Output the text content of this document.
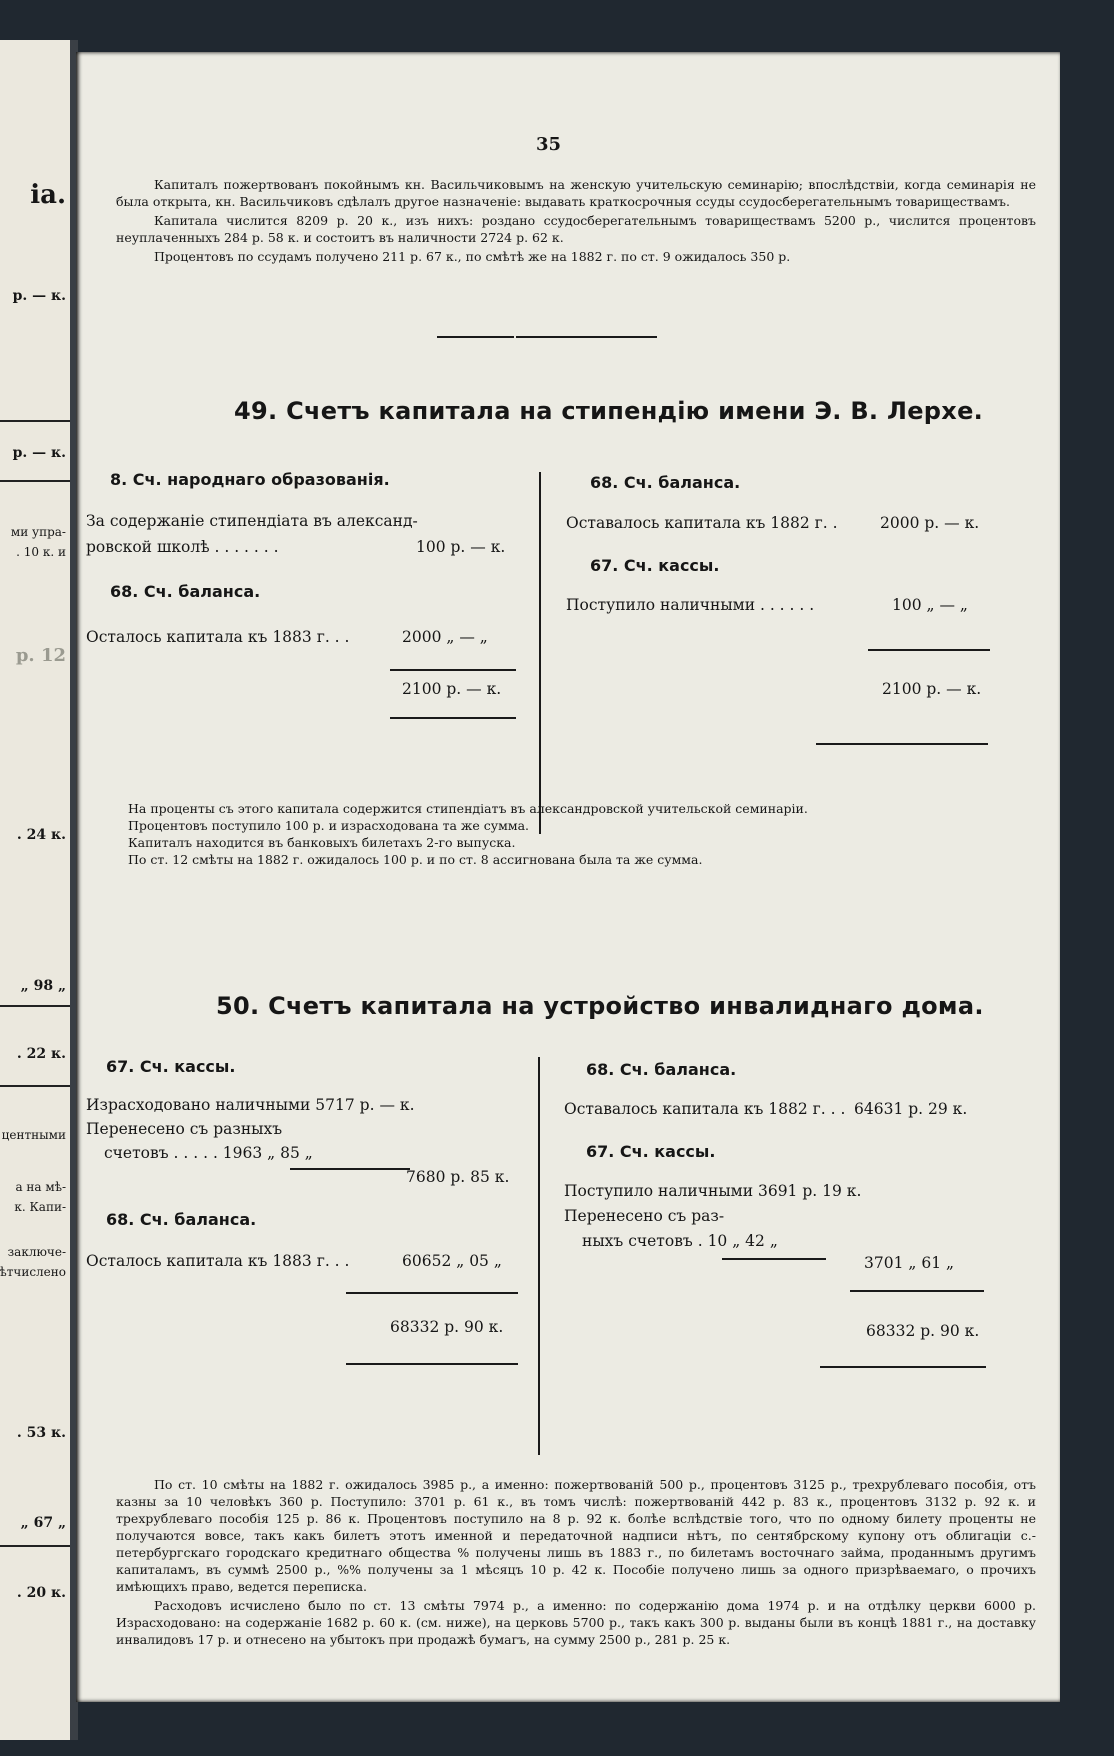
іа.
р. — к.
р. — к.
ми упра-
. 10 к. и
р. 12
. 24 к.
„ 98 „
. 22 к.
центными
а на мѣ-
к. Капи-
заключе-
ѣтчислено
. 53 к.
„ 67 „
. 20 к.
35

Капиталъ пожертвованъ покойнымъ кн. Васильчиковымъ на женскую учительскую семинарію; впослѣдствіи, когда семинарія не была открыта, кн. Васильчиковъ сдѣлалъ другое назначеніе: выдавать краткосрочныя ссуды ссудосберегательнымъ товариществамъ.

Капитала числится 8209 р. 20 к., изъ нихъ: роздано ссудосберегательнымъ товариществамъ 5200 р., числится процентовъ неуплаченныхъ 284 р. 58 к. и состоитъ въ наличности 2724 р. 62 к.

Процентовъ по ссудамъ получено 211 р. 67 к., по смѣтѣ же на 1882 г. по ст. 9 ожидалось 350 р.

49. Счетъ капитала на стипендію имени Э. В. Лерхе.
8. Сч. народнаго образованія.
За содержаніе стипендіата въ александ-
ровской школѣ . . . . . . .	100 р. — к.
68. Сч. баланса.
Осталось капитала къ 1883 г. . .	2000 „ — „
2100 р. — к.
68. Сч. баланса.
Оставалось капитала къ 1882 г. .	2000 р. — к.
67. Сч. кассы.
Поступило наличными . . . . . .	100 „ — „
2100 р. — к.
На проценты съ этого капитала содержится стипендіатъ въ александровской учительской семинаріи.
Процентовъ поступило 100 р. и израсходована та же сумма.
Капиталъ находится въ банковыхъ билетахъ 2-го выпуска.
По ст. 12 смѣты на 1882 г. ожидалось 100 р. и по ст. 8 ассигнована была та же сумма.
50. Счетъ капитала на устройство инвалиднаго дома.
67. Сч. кассы.
Израсходовано наличными 5717 р. — к.
Перенесено съ разныхъ
счетовъ . . . . . 1963 „ 85 „
7680 р. 85 к.
68. Сч. баланса.
Осталось капитала къ 1883 г. . .	60652 „ 05 „
68332 р. 90 к.
68. Сч. баланса.
Оставалось капитала къ 1882 г. . . 64631 р. 29 к.
67. Сч. кассы.
Поступило наличными 3691 р. 19 к.
Перенесено съ раз-
ныхъ счетовъ . 10 „ 42 „
3701 „ 61 „
68332 р. 90 к.

По ст. 10 смѣты на 1882 г. ожидалось 3985 р., а именно: пожертвованій 500 р., процентовъ 3125 р., трехрублеваго пособія, отъ казны за 10 человѣкъ 360 р. Поступило: 3701 р. 61 к., въ томъ числѣ: пожертвованій 442 р. 83 к., процентовъ 3132 р. 92 к. и трехрублеваго пособія 125 р. 86 к. Процентовъ поступило на 8 р. 92 к. болѣе вслѣдствіе того, что по одному билету проценты не получаются вовсе, такъ какъ билетъ этотъ именной и передаточной надписи нѣтъ, по сентябрскому купону отъ облигаціи с.-петербургскаго городскаго кредитнаго общества % получены лишь въ 1883 г., по билетамъ восточнаго займа, проданнымъ другимъ капиталамъ, въ суммѣ 2500 р., %% получены за 1 мѣсяцъ 10 р. 42 к. Пособіе получено лишь за одного призрѣваемаго, о прочихъ имѣющихъ право, ведется переписка.

Расходовъ исчислено было по ст. 13 смѣты 7974 р., а именно: по содержанію дома 1974 р. и на отдѣлку церкви 6000 р. Израсходовано: на содержаніе 1682 р. 60 к. (см. ниже), на церковь 5700 р., такъ какъ 300 р. выданы были въ концѣ 1881 г., на доставку инвалидовъ 17 р. и отнесено на убытокъ при продажѣ бумагъ, на сумму 2500 р., 281 р. 25 к.
